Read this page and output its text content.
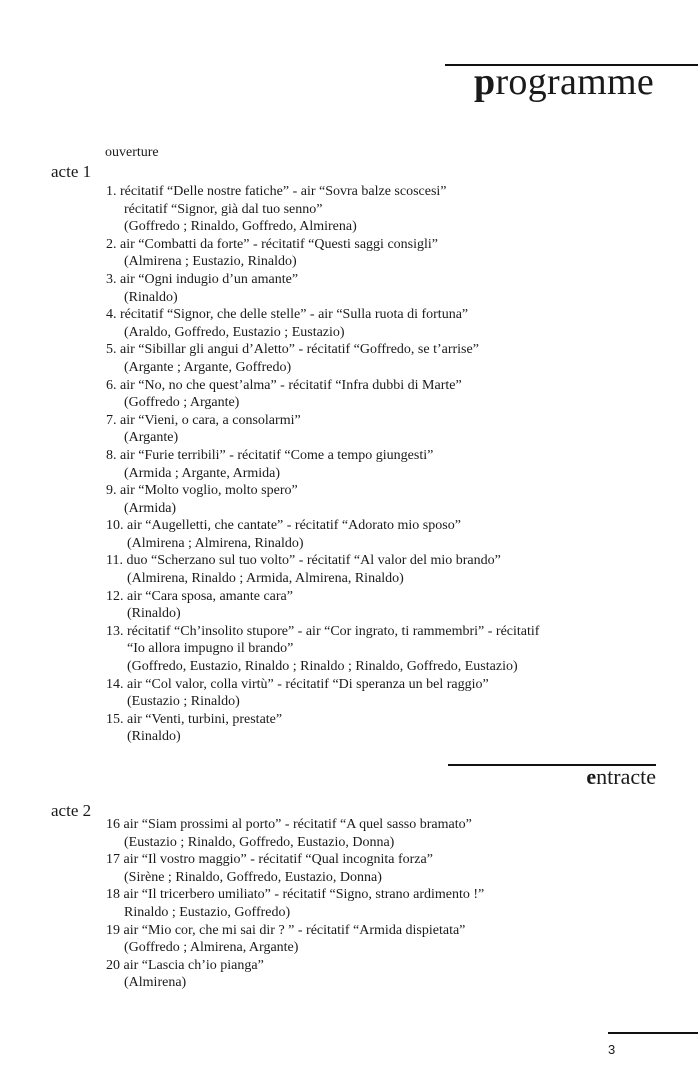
programme
ouverture
acte 1
1. récitatif “Delle nostre fatiche” - air “Sovra balze scoscesi”
récitatif “Signor, già dal tuo senno”
(Goffredo ; Rinaldo, Goffredo, Almirena)
2. air “Combatti da forte” - récitatif “Questi saggi consigli”
(Almirena ; Eustazio, Rinaldo)
3. air “Ogni indugio d’un amante”
(Rinaldo)
4. récitatif “Signor, che delle stelle” - air “Sulla ruota di fortuna”
(Araldo, Goffredo, Eustazio ; Eustazio)
5. air “Sibillar gli angui d’Aletto” - récitatif “Goffredo, se t’arrise”
(Argante ; Argante, Goffredo)
6. air “No, no che quest’alma” - récitatif “Infra dubbi di Marte”
(Goffredo ; Argante)
7. air “Vieni, o cara, a consolarmi”
(Argante)
8. air “Furie terribili” - récitatif “Come a tempo giungesti”
(Armida ; Argante, Armida)
9. air “Molto voglio, molto spero”
(Armida)
10. air “Augelletti, che cantate” - récitatif “Adorato mio sposo”
(Almirena ; Almirena, Rinaldo)
11. duo “Scherzano sul tuo volto” - récitatif “Al valor del mio brando”
(Almirena, Rinaldo ; Armida, Almirena, Rinaldo)
12. air “Cara sposa, amante cara”
(Rinaldo)
13. récitatif “Ch’insolito stupore” - air “Cor ingrato, ti rammembri” - récitatif
“Io allora impugno il brando”
(Goffredo, Eustazio, Rinaldo ; Rinaldo ; Rinaldo, Goffredo, Eustazio)
14. air “Col valor, colla virtù” - récitatif “Di speranza un bel raggio”
(Eustazio ; Rinaldo)
15. air “Venti, turbini, prestate”
(Rinaldo)
entracte
acte 2
16 air “Siam prossimi al porto” - récitatif “A quel sasso bramato”
(Eustazio ; Rinaldo, Goffredo, Eustazio, Donna)
17 air “Il vostro maggio” - récitatif “Qual incognita forza”
(Sirène ; Rinaldo, Goffredo, Eustazio, Donna)
18 air “Il tricerbero umiliato” - récitatif “Signo, strano ardimento !”
Rinaldo ; Eustazio, Goffredo)
19 air “Mio cor, che mi sai dir ? ” - récitatif “Armida dispietata”
(Goffredo ; Almirena, Argante)
20 air “Lascia ch’io pianga”
(Almirena)
3
